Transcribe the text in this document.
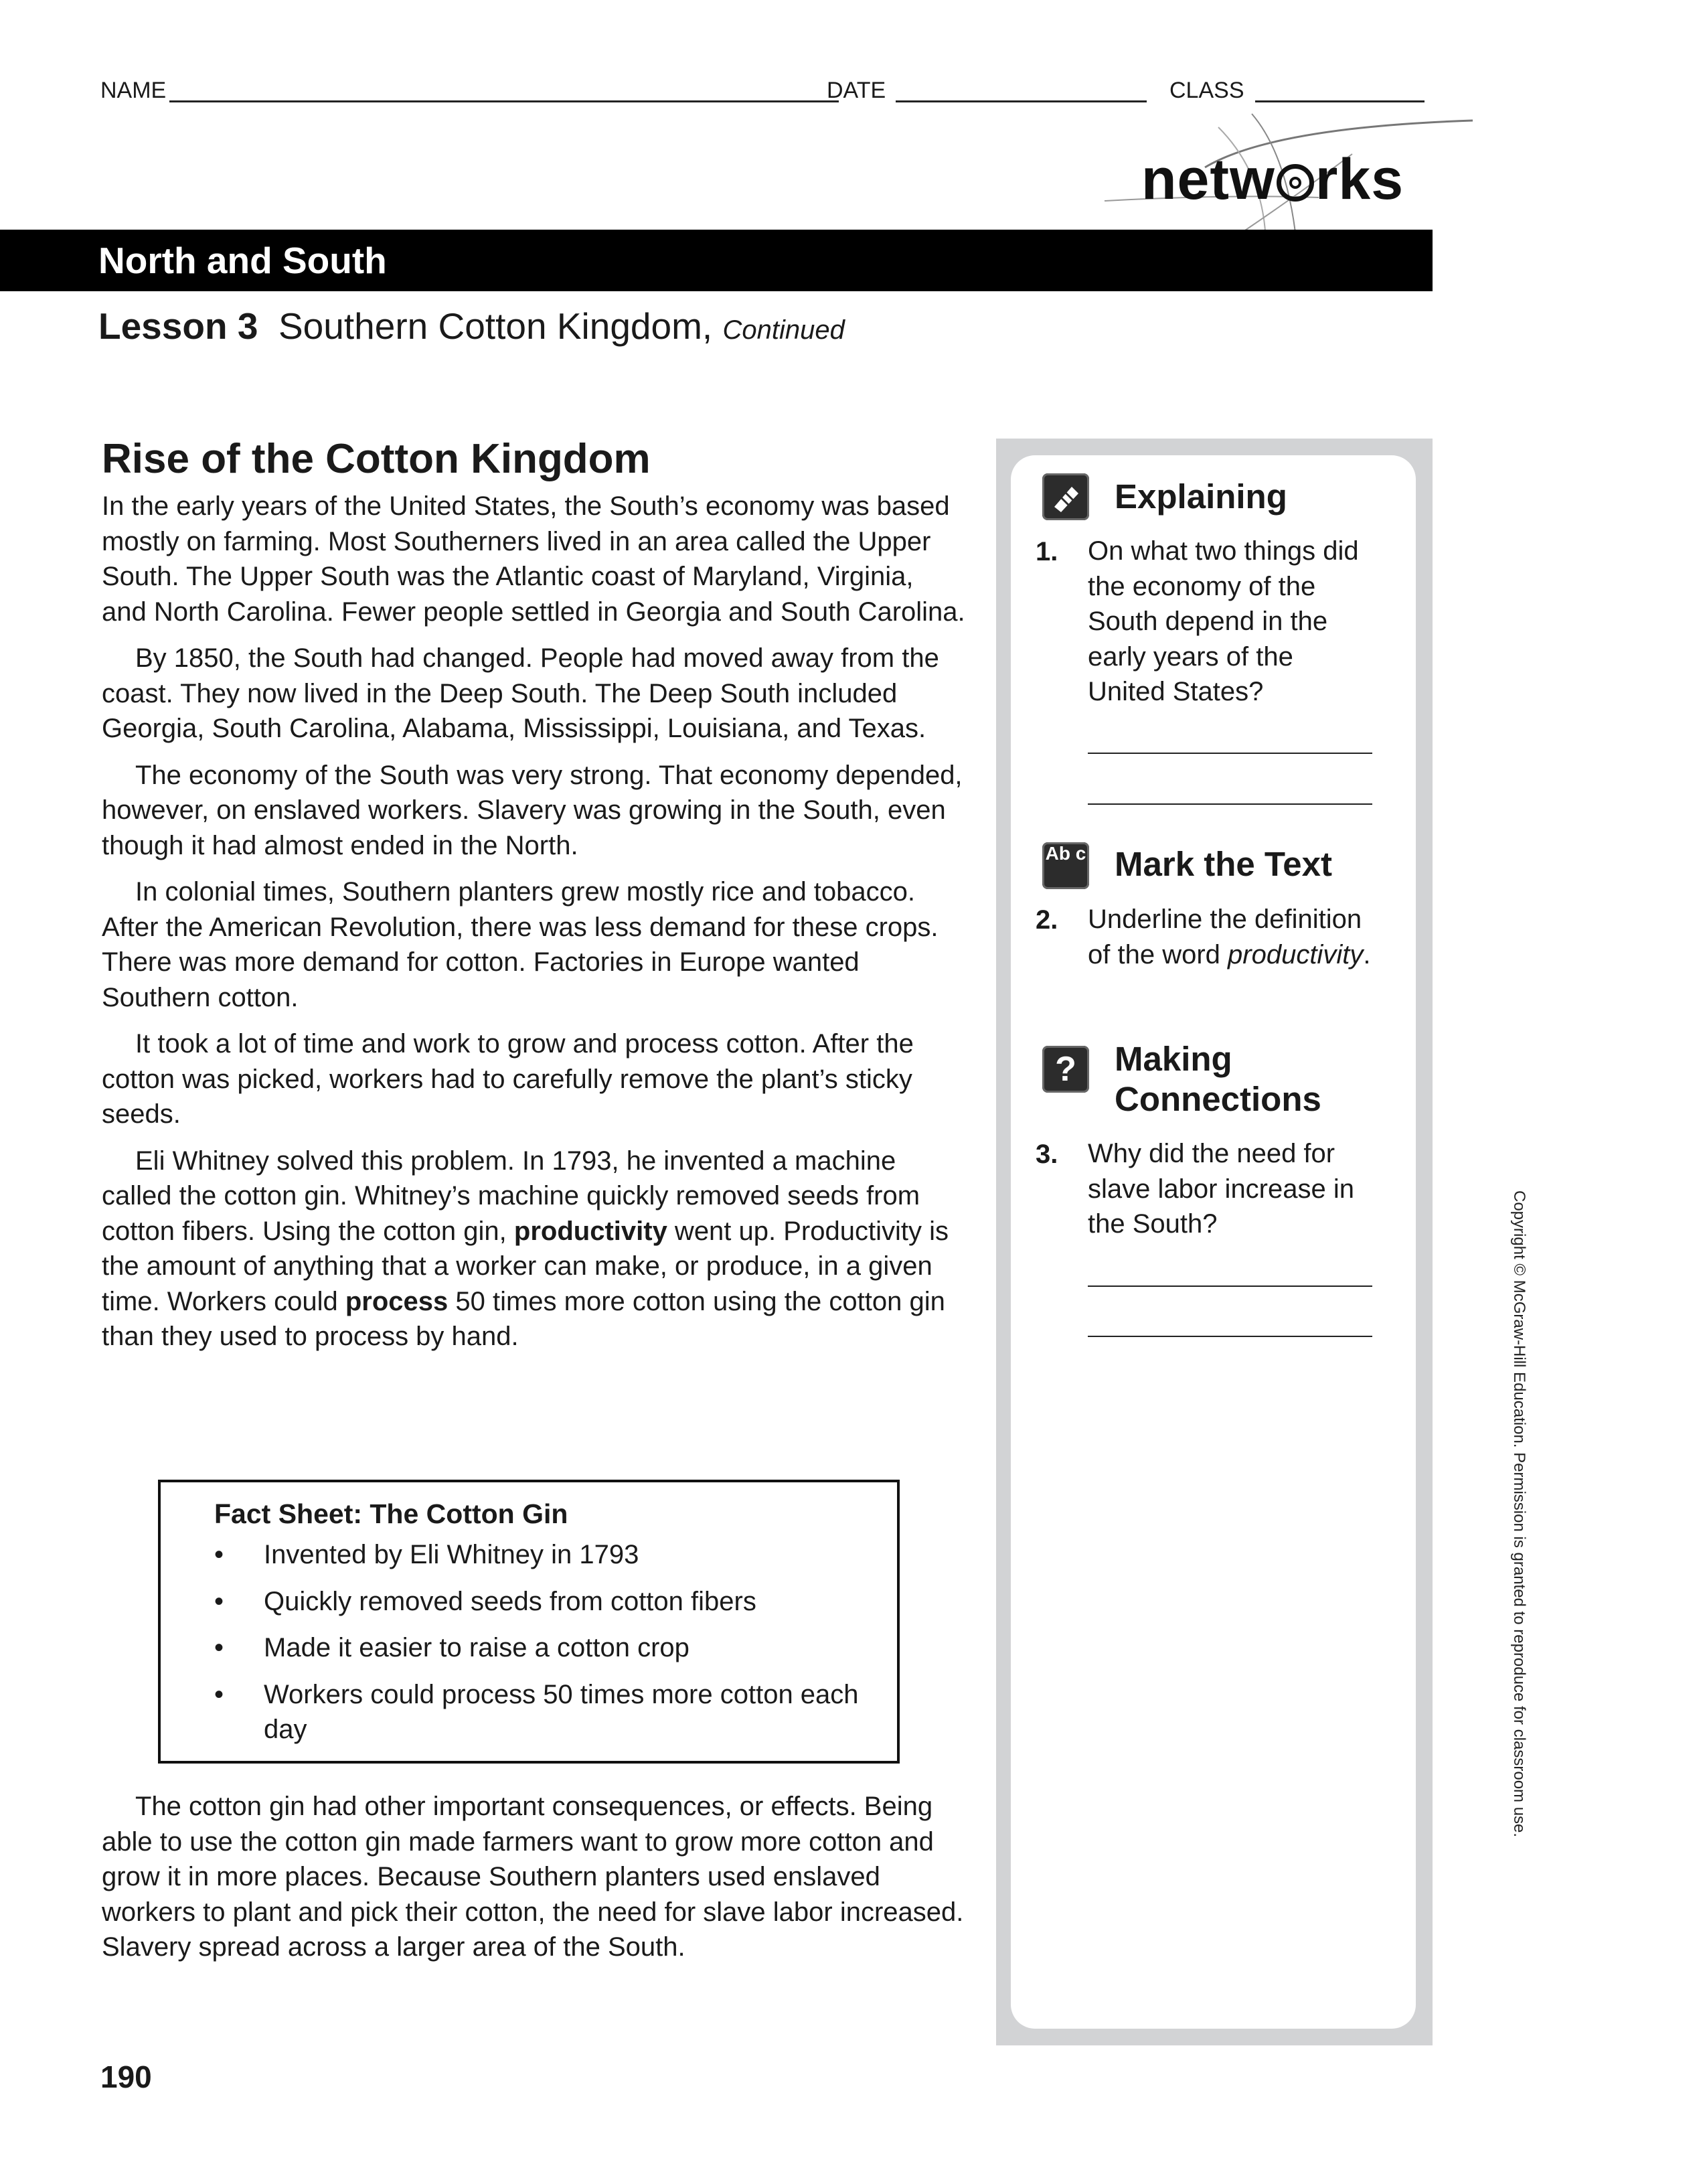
NAME	DATE	CLASS
netw rks
North and South
Lesson 3 Southern Cotton Kingdom, Continued
Rise of the Cotton Kingdom

In the early years of the United States, the South’s economy was based mostly on farming. Most Southerners lived in an area called the Upper South. The Upper South was the Atlantic coast of Maryland, Virginia, and North Carolina. Fewer people settled in Georgia and South Carolina.

By 1850, the South had changed. People had moved away from the coast. They now lived in the Deep South. The Deep South included Georgia, South Carolina, Alabama, Mississippi, Louisiana, and Texas.

The economy of the South was very strong. That economy depended, however, on enslaved workers. Slavery was growing in the South, even though it had almost ended in the North.

In colonial times, Southern planters grew mostly rice and tobacco. After the American Revolution, there was less demand for these crops. There was more demand for cotton. Factories in Europe wanted Southern cotton.

It took a lot of time and work to grow and process cotton. After the cotton was picked, workers had to carefully remove the plant’s sticky seeds.

Eli Whitney solved this problem. In 1793, he invented a machine called the cotton gin. Whitney’s machine quickly removed seeds from cotton fibers. Using the cotton gin, productivity went up. Productivity is the amount of anything that a worker can make, or produce, in a given time. Workers could process 50 times more cotton using the cotton gin than they used to process by hand.

Fact Sheet: The Cotton Gin
• Invented by Eli Whitney in 1793
• Quickly removed seeds from cotton fibers
• Made it easier to raise a cotton crop
• Workers could process 50 times more cotton each day

The cotton gin had other important consequences, or effects. Being able to use the cotton gin made farmers want to grow more cotton and grow it in more places. Because Southern planters used enslaved workers to plant and pick their cotton, the need for slave labor increased. Slavery spread across a larger area of the South.

190
Explaining
1. On what two things did the economy of the South depend in the early years of the United States?
Ab c Mark the Text
2. Underline the definition of the word productivity.
?	Making
Connections
3. Why did the need for slave labor increase in the South?	Copyright © McGraw-Hill Education. Permission is granted to reproduce for classroom use.
